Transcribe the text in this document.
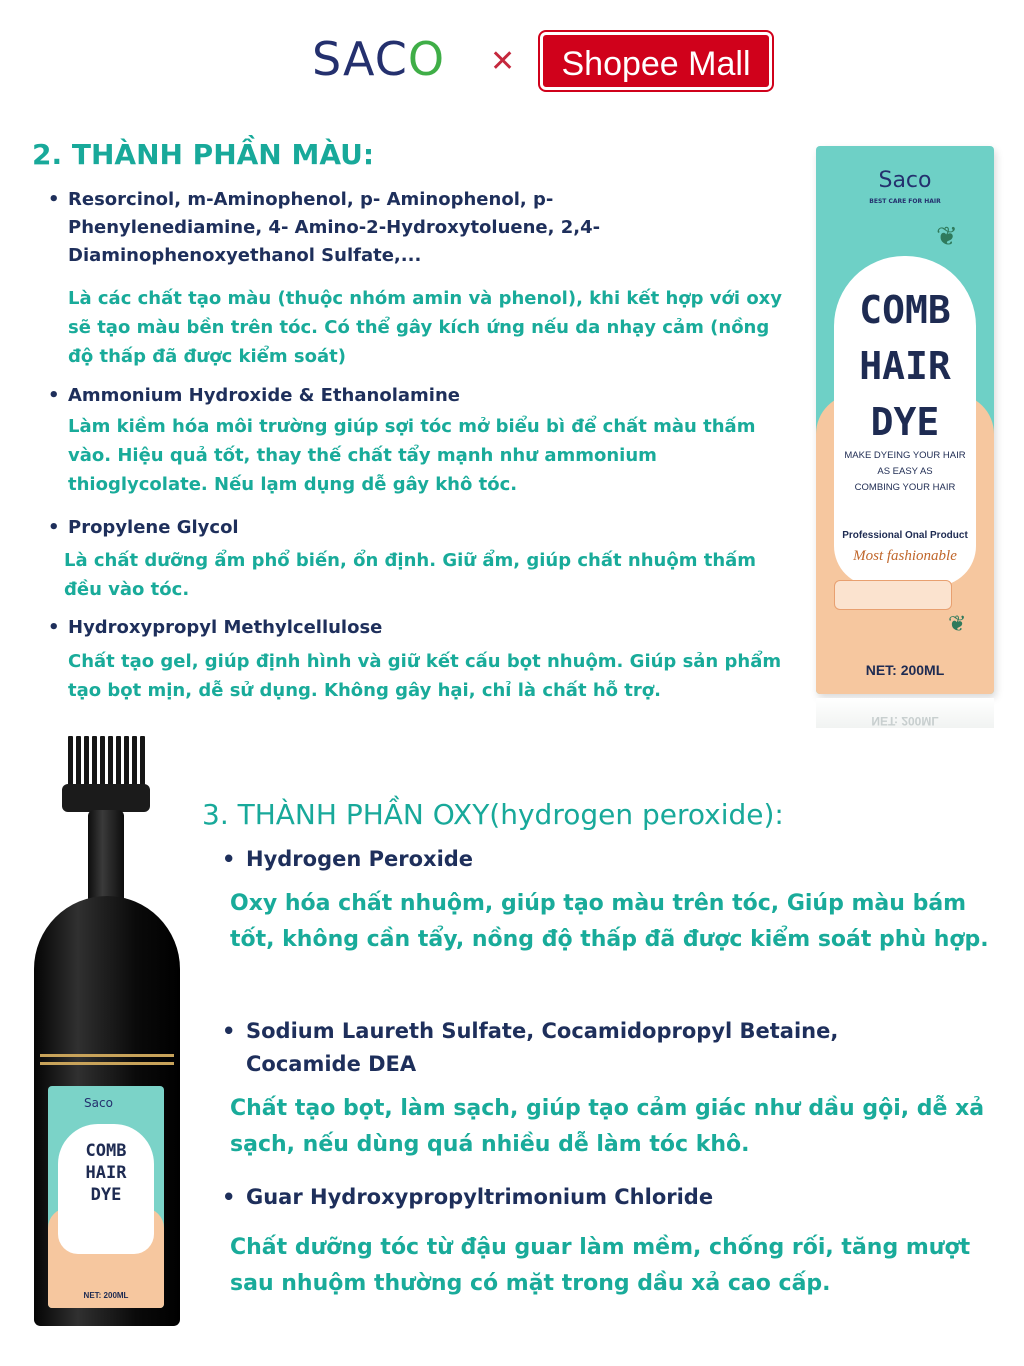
SACO ✕	Shopee Mall
2. THÀNH PHẦN MÀU:
• Resorcinol, m-Aminophenol, p- Aminophenol, p-Phenylenediamine, 4- Amino-2-Hydroxytoluene, 2,4-Diaminophenoxyethanol Sulfate,...
Là các chất tạo màu (thuộc nhóm amin và phenol), khi kết hợp với oxy sẽ tạo màu bền trên tóc. Có thể gây kích ứng nếu da nhạy cảm (nồng độ thấp đã được kiểm soát)
• Ammonium Hydroxide & Ethanolamine
Làm kiềm hóa môi trường giúp sợi tóc mở biểu bì để chất màu thấm vào. Hiệu quả tốt, thay thế chất tẩy mạnh như ammonium thioglycolate. Nếu lạm dụng dễ gây khô tóc.
• Propylene Glycol
Là chất dưỡng ẩm phổ biến, ổn định. Giữ ẩm, giúp chất nhuộm thấm đều vào tóc.
• Hydroxypropyl Methylcellulose
Chất tạo gel, giúp định hình và giữ kết cấu bọt nhuộm. Giúp sản phẩm tạo bọt mịn, dễ sử dụng. Không gây hại, chỉ là chất hỗ trợ.
Saco
BEST CARE FOR HAIR
❦
○
COMB
HAIR
DYE
MAKE DYEING YOUR HAIR
AS EASY AS
COMBING YOUR HAIR
Professional Onal Product
Most fashionable
❦
NET: 200ML
NET: 200ML
Saco
COMB
HAIR
DYE
NET: 200ML
3. THÀNH PHẦN OXY(hydrogen peroxide):
• Hydrogen Peroxide
Oxy hóa chất nhuộm, giúp tạo màu trên tóc, Giúp màu bám tốt, không cần tẩy, nồng độ thấp đã được kiểm soát phù hợp.
• Sodium Laureth Sulfate, Cocamidopropyl Betaine, Cocamide DEA
Chất tạo bọt, làm sạch, giúp tạo cảm giác như dầu gội, dễ xả sạch, nếu dùng quá nhiều dễ làm tóc khô.
• Guar Hydroxypropyltrimonium Chloride
Chất dưỡng tóc từ đậu guar làm mềm, chống rối, tăng mượt sau nhuộm thường có mặt trong dầu xả cao cấp.
